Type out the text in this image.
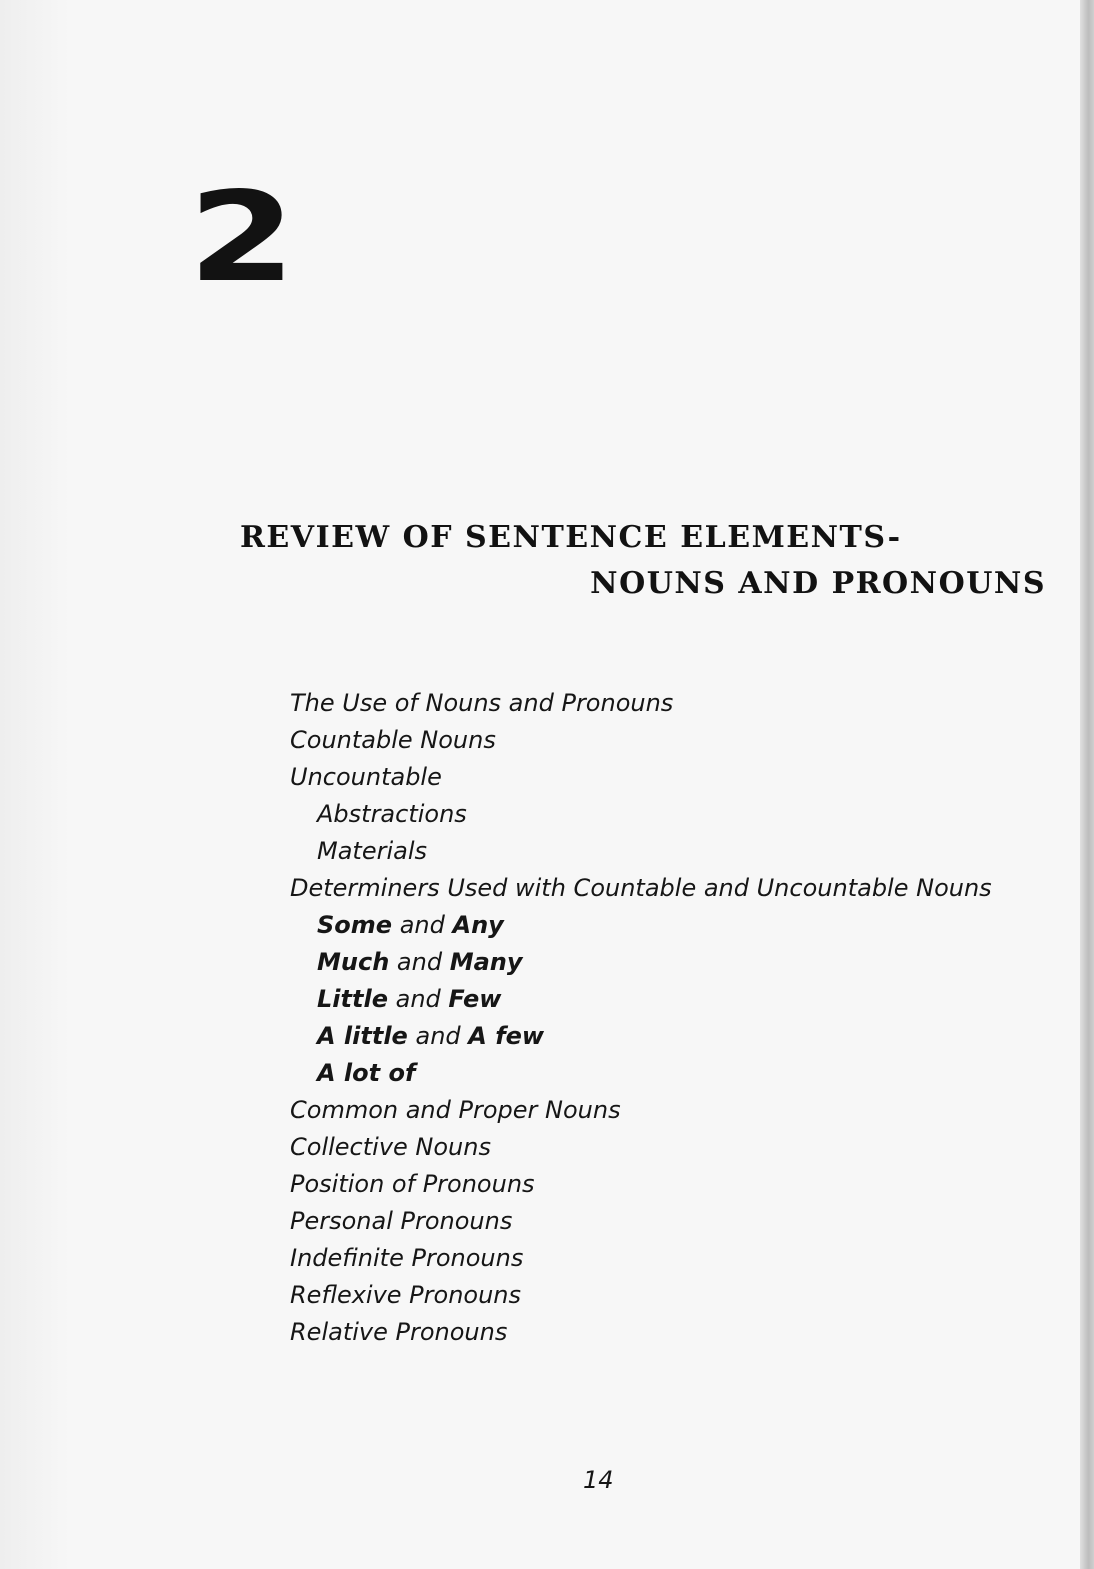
2
REVIEW OF SENTENCE ELEMENTS-
NOUNS AND PRONOUNS
The Use of Nouns and Pronouns
Countable Nouns
Uncountable
Abstractions
Materials
Determiners Used with Countable and Uncountable Nouns
Some and Any
Much and Many
Little and Few
A little and A few
A lot of
Common and Proper Nouns
Collective Nouns
Position of Pronouns
Personal Pronouns
Indefinite Pronouns
Reflexive Pronouns
Relative Pronouns
14
